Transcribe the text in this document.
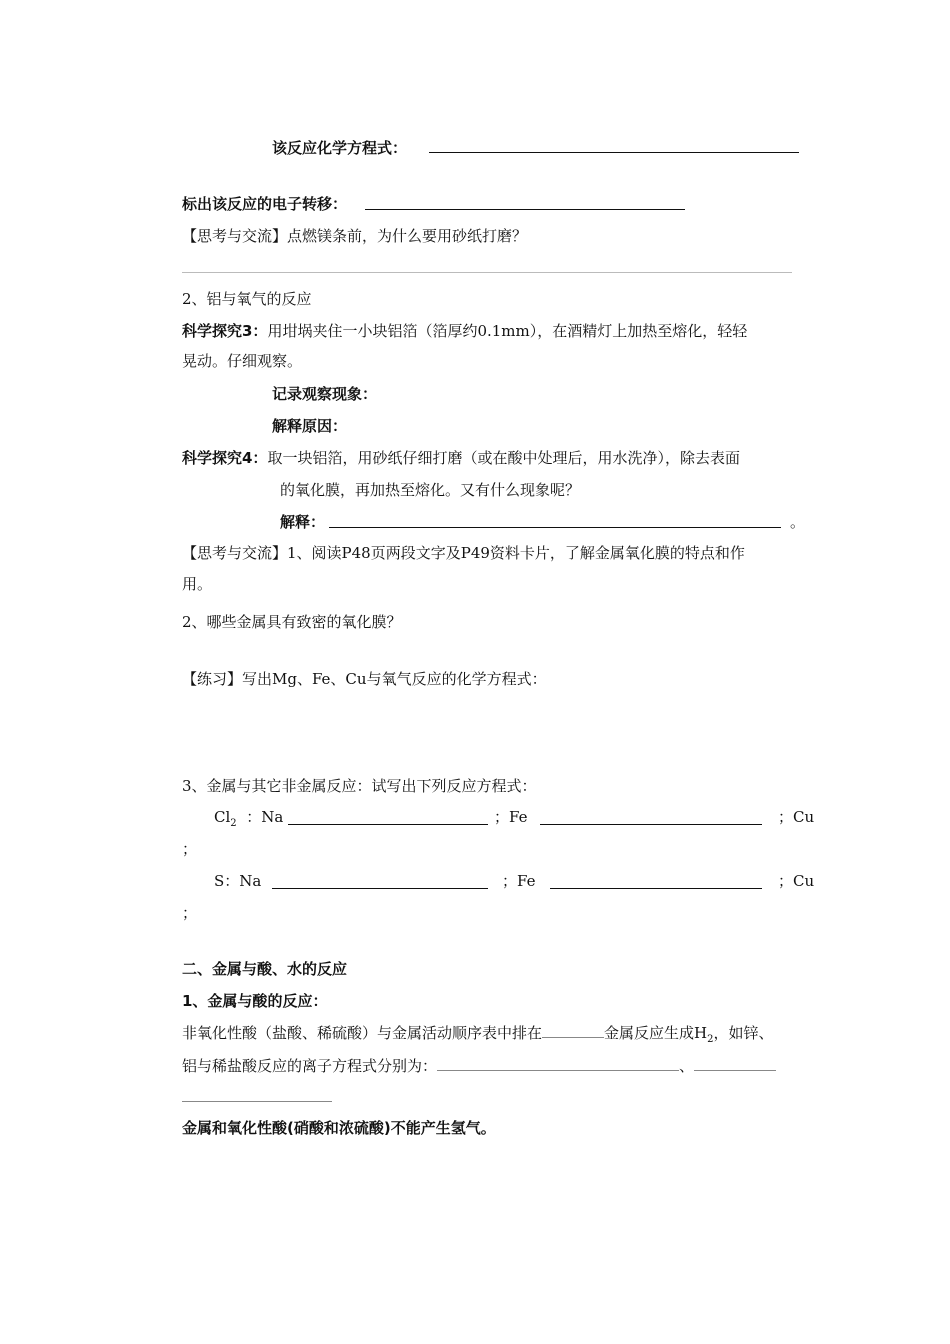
该反应化学方程式：
标出该反应的电子转移：
【思考与交流】点燃镁条前，为什么要用砂纸打磨？
2、铝与氧气的反应
科学探究3：用坩埚夹住一小块铝箔（箔厚约0.1mm），在酒精灯上加热至熔化，轻轻
晃动。仔细观察。
记录观察现象：
解释原因：
科学探究4：取一块铝箔，用砂纸仔细打磨（或在酸中处理后，用水洗净），除去表面
的氧化膜，再加热至熔化。又有什么现象呢？
解释：	。
【思考与交流】1、阅读P48页两段文字及P49资料卡片，了解金属氧化膜的特点和作
用。
2、哪些金属具有致密的氧化膜？
【练习】写出Mg、Fe、Cu与氧气反应的化学方程式：
3、金属与其它非金属反应：试写出下列反应方程式：
$Cl_2$ ：Na	；Fe	；Cu
；
S：Na	；Fe	；Cu
；
二、金属与酸、水的反应
1、金属与酸的反应：
非氧化性酸（盐酸、稀硫酸）与金属活动顺序表中排在	金属反应生成$H_2$，如锌、
铝与稀盐酸反应的离子方程式分别为：	、
金属和氧化性酸(硝酸和浓硫酸)不能产生氢气。
